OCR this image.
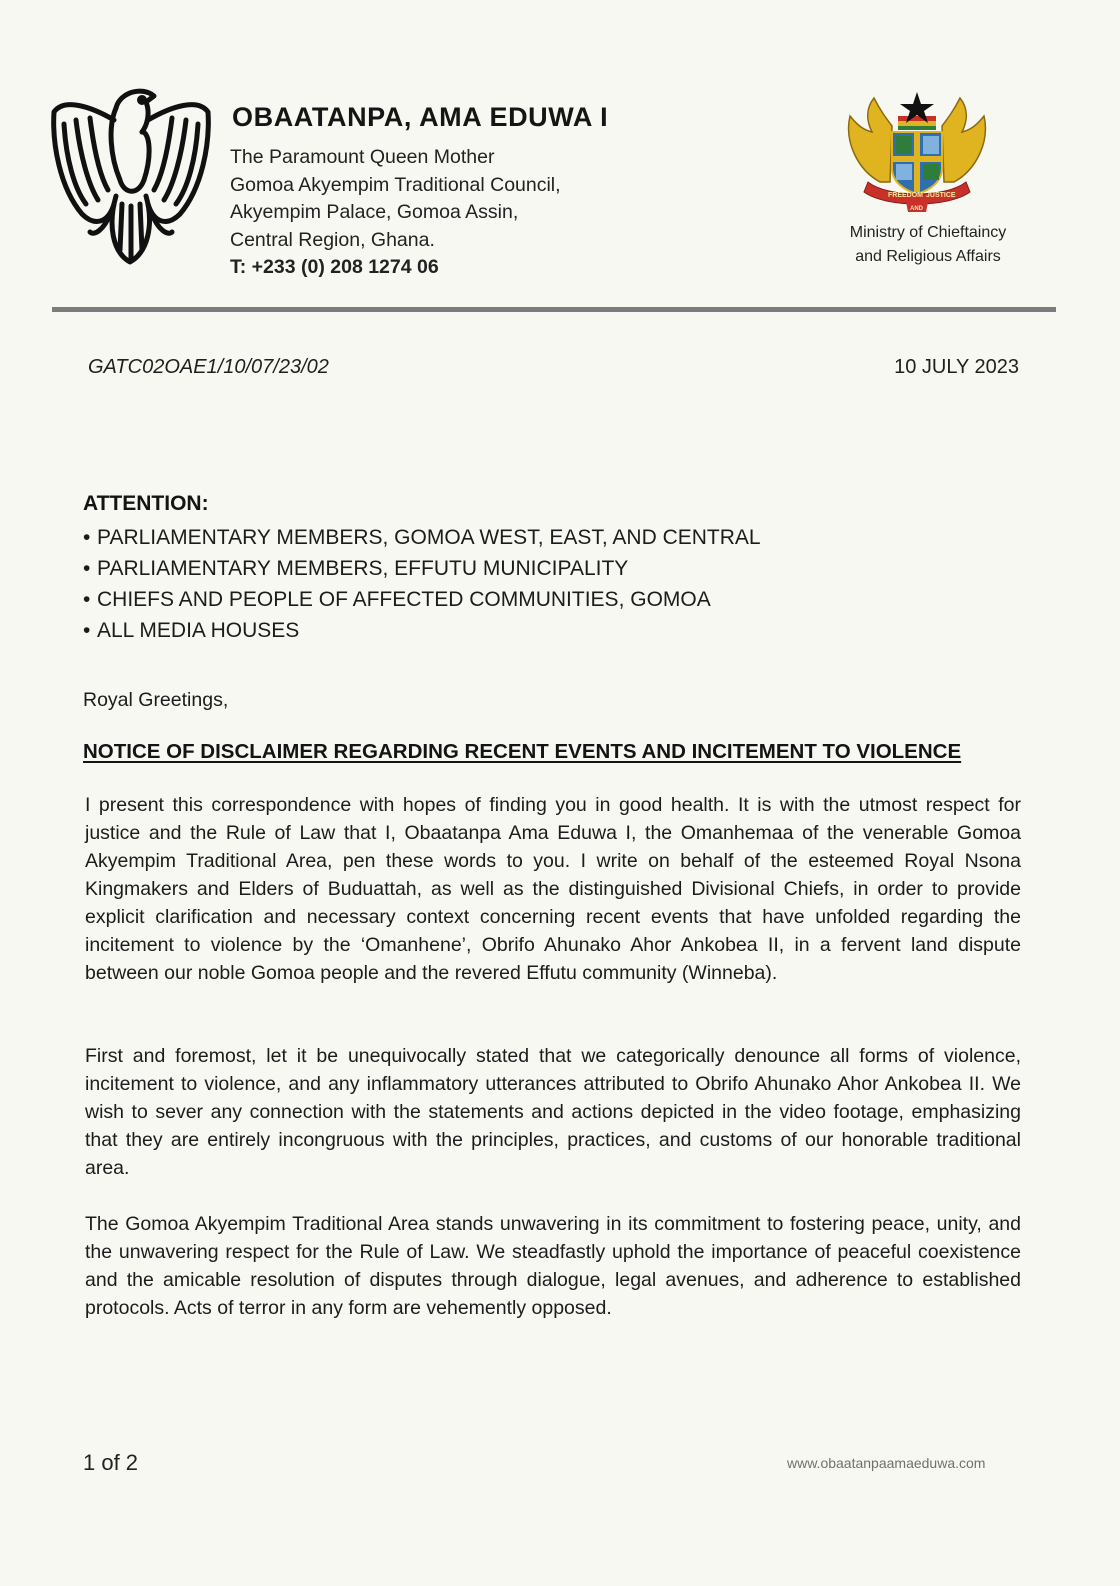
OBAATANPA, AMA EDUWA I
The Paramount Queen Mother
Gomoa Akyempim Traditional Council,
Akyempim Palace, Gomoa Assin,
Central Region, Ghana.
T: +233 (0) 208 1274 06
FREEDOM JUSTICE
AND
Ministry of Chieftaincy
and Religious Affairs
GATC02OAE1/10/07/23/02	10 JULY 2023
ATTENTION:
• PARLIAMENTARY MEMBERS, GOMOA WEST, EAST, AND CENTRAL
• PARLIAMENTARY MEMBERS, EFFUTU MUNICIPALITY
• CHIEFS AND PEOPLE OF AFFECTED COMMUNITIES, GOMOA
• ALL MEDIA HOUSES
Royal Greetings,
NOTICE OF DISCLAIMER REGARDING RECENT EVENTS AND INCITEMENT TO VIOLENCE

I present this correspondence with hopes of finding you in good health. It is with the utmost respect for justice and the Rule of Law that I, Obaatanpa Ama Eduwa I, the Omanhemaa of the venerable Gomoa Akyempim Traditional Area, pen these words to you. I write on behalf of the esteemed Royal Nsona Kingmakers and Elders of Buduattah, as well as the distinguished Divisional Chiefs, in order to provide explicit clarification and necessary context concerning recent events that have unfolded regarding the incitement to violence by the ‘Omanhene’, Obrifo Ahunako Ahor Ankobea II, in a fervent land dispute between our noble Gomoa people and the revered Effutu community (Winneba).

First and foremost, let it be unequivocally stated that we categorically denounce all forms of violence, incitement to violence, and any inflammatory utterances attributed to Obrifo Ahunako Ahor Ankobea II. We wish to sever any connection with the statements and actions depicted in the video footage, emphasizing that they are entirely incongruous with the principles, practices, and customs of our honorable traditional area.

The Gomoa Akyempim Traditional Area stands unwavering in its commitment to fostering peace, unity, and the unwavering respect for the Rule of Law. We steadfastly uphold the importance of peaceful coexistence and the amicable resolution of disputes through dialogue, legal avenues, and adherence to established protocols. Acts of terror in any form are vehemently opposed.

1 of 2	www.obaatanpaamaeduwa.com
